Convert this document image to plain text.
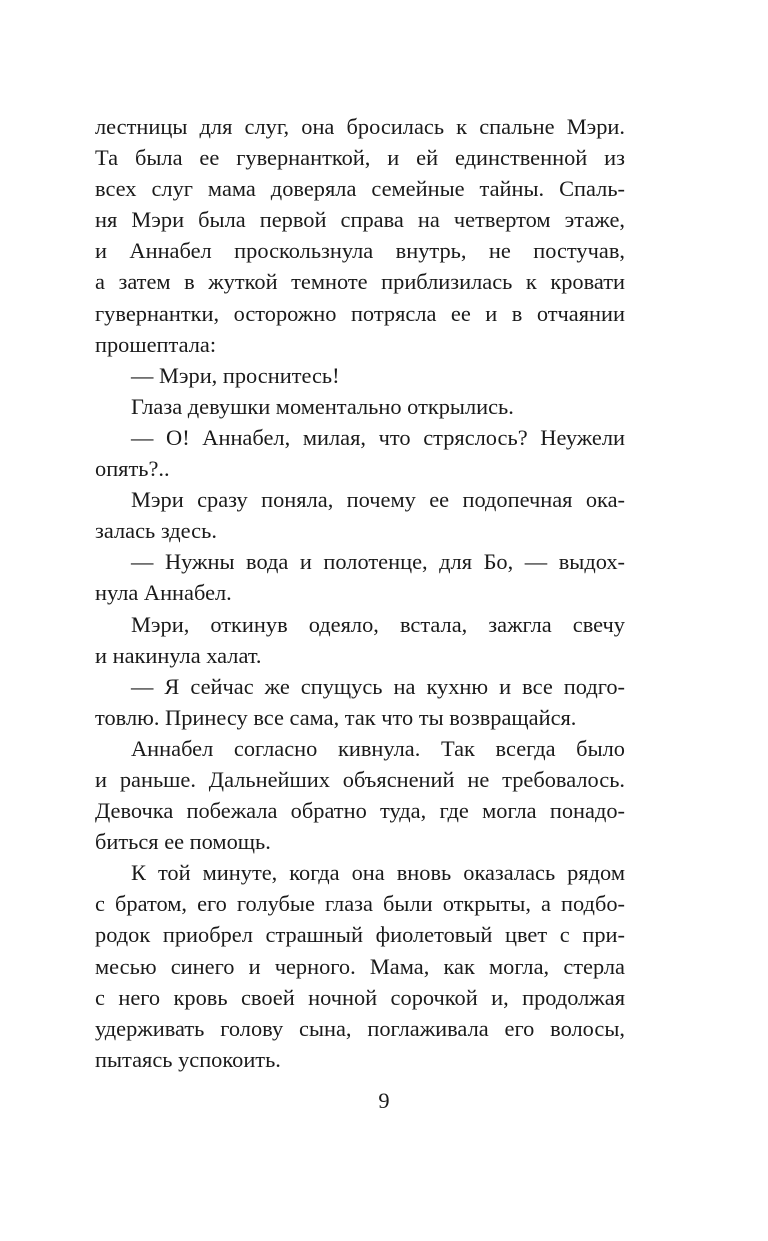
лестницы для слуг, она бросилась к спальне Мэри.
Та была ее гувернанткой, и ей единственной из
всех слуг мама доверяла семейные тайны. Спаль-
ня Мэри была первой справа на четвертом этаже,
и Аннабел проскользнула внутрь, не постучав,
а затем в жуткой темноте приблизилась к кровати
гувернантки, осторожно потрясла ее и в отчаянии
прошептала:
— Мэри, проснитесь!
Глаза девушки моментально открылись.
— О! Аннабел, милая, что стряслось? Неужели
опять?..
Мэри сразу поняла, почему ее подопечная ока-
залась здесь.
— Нужны вода и полотенце, для Бо, — выдох-
нула Аннабел.
Мэри, откинув одеяло, встала, зажгла свечу
и накинула халат.
— Я сейчас же спущусь на кухню и все подго-
товлю. Принесу все сама, так что ты возвращайся.
Аннабел согласно кивнула. Так всегда было
и раньше. Дальнейших объяснений не требовалось.
Девочка побежала обратно туда, где могла понадо-
биться ее помощь.
К той минуте, когда она вновь оказалась рядом
с братом, его голубые глаза были открыты, а подбо-
родок приобрел страшный фиолетовый цвет с при-
месью синего и черного. Мама, как могла, стерла
с него кровь своей ночной сорочкой и, продолжая
удерживать голову сына, поглаживала его волосы,
пытаясь успокоить.
9
